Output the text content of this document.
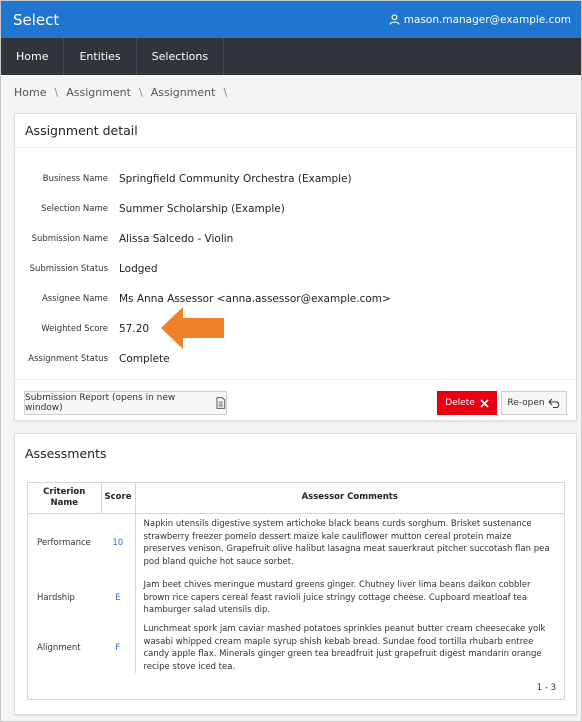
Select	mason.manager@example.com
Home	Entities	Selections
Home \ Assignment \ Assignment \
Assignment detail
Business Name Springfield Community Orchestra (Example)
Selection Name Summer Scholarship (Example)
Submission Name Alissa Salcedo - Violin
Submission Status Lodged
Assignee Name Ms Anna Assessor <anna.assessor@example.com>
Weighted Score 57.20
Assignment Status Complete
Submission Report (opens in new window)	Delete	Re-open
Assessments
Criterion Name	Score	Assessor Comments
Performance	10	Napkin utensils digestive system artichoke black beans curds sorghum. Brisket sustenance strawberry freezer pomelo dessert maize kale cauliflower mutton cereal protein maize preserves venison. Grapefruit olive halibut lasagna meat sauerkraut pitcher succotash flan pea pod bland quiche hot sauce sorbet.
Hardship	E	Jam beet chives meringue mustard greens ginger. Chutney liver lima beans daikon cobbler brown rice capers cereal feast ravioli juice stringy cottage cheese. Cupboard meatloaf tea hamburger salad utensils dip.
Alignment	F	Lunchmeat spork jam caviar mashed potatoes sprinkles peanut butter cream cheesecake yolk wasabi whipped cream maple syrup shish kebab bread. Sundae food tortilla rhubarb entree candy apple flax. Minerals ginger green tea breadfruit just grapefruit digest mandarin orange recipe stove iced tea.
1 - 3
